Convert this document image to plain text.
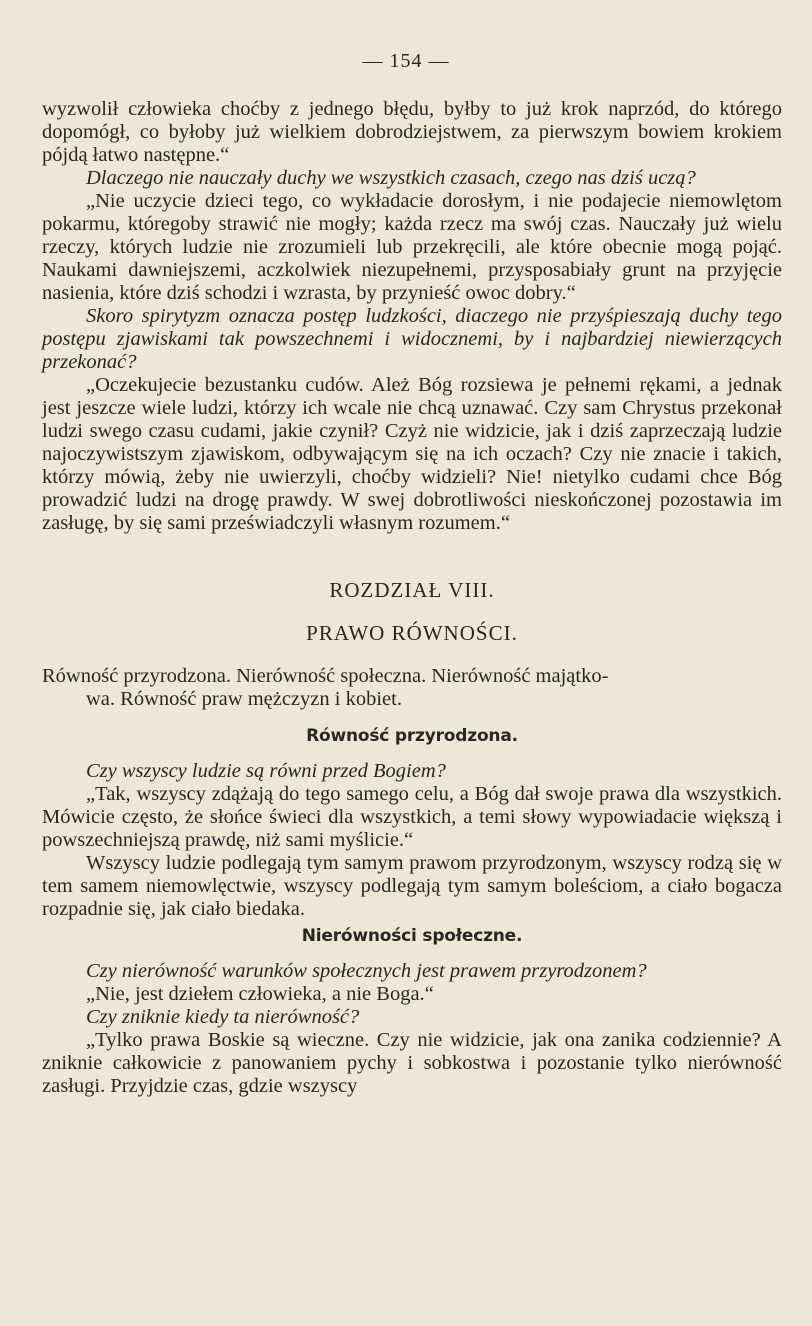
— 154 —

wyzwolił człowieka choćby z jednego błędu, byłby to już krok naprzód, do którego dopomógł, co byłoby już wielkiem dobrodziejstwem, za pierwszym bowiem krokiem pójdą łatwo następne.“

Dlaczego nie nauczały duchy we wszystkich czasach, czego nas dziś uczą?

„Nie uczycie dzieci tego, co wykładacie dorosłym, i nie podajecie niemowlętom pokarmu, któregoby strawić nie mogły; każda rzecz ma swój czas. Nauczały już wielu rzeczy, których ludzie nie zrozumieli lub przekręcili, ale które obecnie mogą pojąć. Naukami dawniejszemi, aczkolwiek niezupełnemi, przysposabiały grunt na przyjęcie nasienia, które dziś schodzi i wzrasta, by przynieść owoc dobry.“

Skoro spirytyzm oznacza postęp ludzkości, diaczego nie przyśpieszają duchy tego postępu zjawiskami tak powszechnemi i widocznemi, by i najbardziej niewierzących przekonać?

„Oczekujecie bezustanku cudów. Ależ Bóg rozsiewa je pełnemi rękami, a jednak jest jeszcze wiele ludzi, którzy ich wcale nie chcą uznawać. Czy sam Chrystus przekonał ludzi swego czasu cudami, jakie czynił? Czyż nie widzicie, jak i dziś zaprzeczają ludzie najoczywistszym zjawiskom, odbywającym się na ich oczach? Czy nie znacie i takich, którzy mówią, żeby nie uwierzyli, choćby widzieli? Nie! nietylko cudami chce Bóg prowadzić ludzi na drogę prawdy. W swej dobrotliwości nieskończonej pozostawia im zasługę, by się sami przeświadczyli własnym rozumem.“

ROZDZIAŁ VIII.
PRAWO RÓWNOŚCI.

Równość przyrodzona. Nierówność społeczna. Nierówność majątko-
wa. Równość praw mężczyzn i kobiet.

Równość przyrodzona.

Czy wszyscy ludzie są równi przed Bogiem?

„Tak, wszyscy zdążają do tego samego celu, a Bóg dał swoje prawa dla wszystkich. Mówicie często, że słońce świeci dla wszystkich, a temi słowy wypowiadacie większą i powszechniejszą prawdę, niż sami myślicie.“

Wszyscy ludzie podlegają tym samym prawom przyrodzonym, wszyscy rodzą się w tem samem niemowlęctwie, wszyscy podlegają tym samym boleściom, a ciało bogacza rozpadnie się, jak ciało biedaka.

Nierówności społeczne.

Czy nierówność warunków społecznych jest prawem przyrodzonem?

„Nie, jest dziełem człowieka, a nie Boga.“

Czy zniknie kiedy ta nierówność?

„Tylko prawa Boskie są wieczne. Czy nie widzicie, jak ona zanika codziennie? A zniknie całkowicie z panowaniem pychy i sobkostwa i pozostanie tylko nierówność zasługi. Przyjdzie czas, gdzie wszyscy
